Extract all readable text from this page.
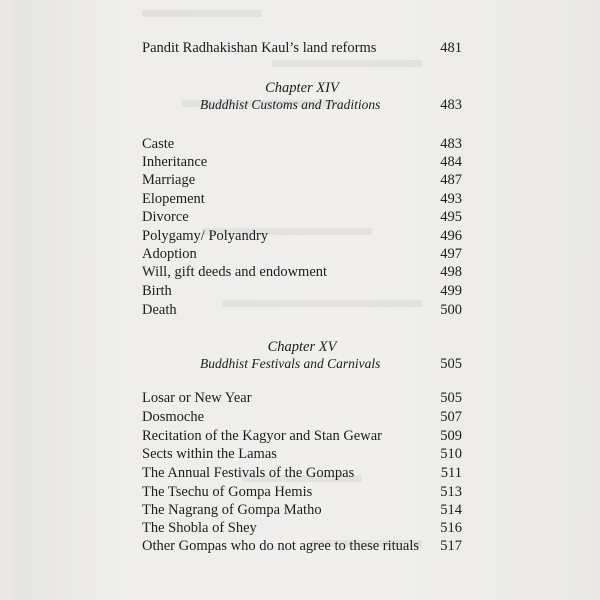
Pandit Radhakishan Kaul’s land reforms	481
Chapter XIV
Buddhist Customs and Traditions	483
Caste	483
Inheritance	484
Marriage	487
Elopement	493
Divorce	495
Polygamy/ Polyandry	496
Adoption	497
Will, gift deeds and endowment	498
Birth	499
Death	500
Chapter XV
Buddhist Festivals and Carnivals	505
Losar or New Year	505
Dosmoche	507
Recitation of the Kagyor and Stan Gewar	509
Sects within the Lamas	510
The Annual Festivals of the Gompas	511
The Tsechu of Gompa Hemis	513
The Nagrang of Gompa Matho	514
The Shobla of Shey	516
Other Gompas who do not agree to these rituals 517
